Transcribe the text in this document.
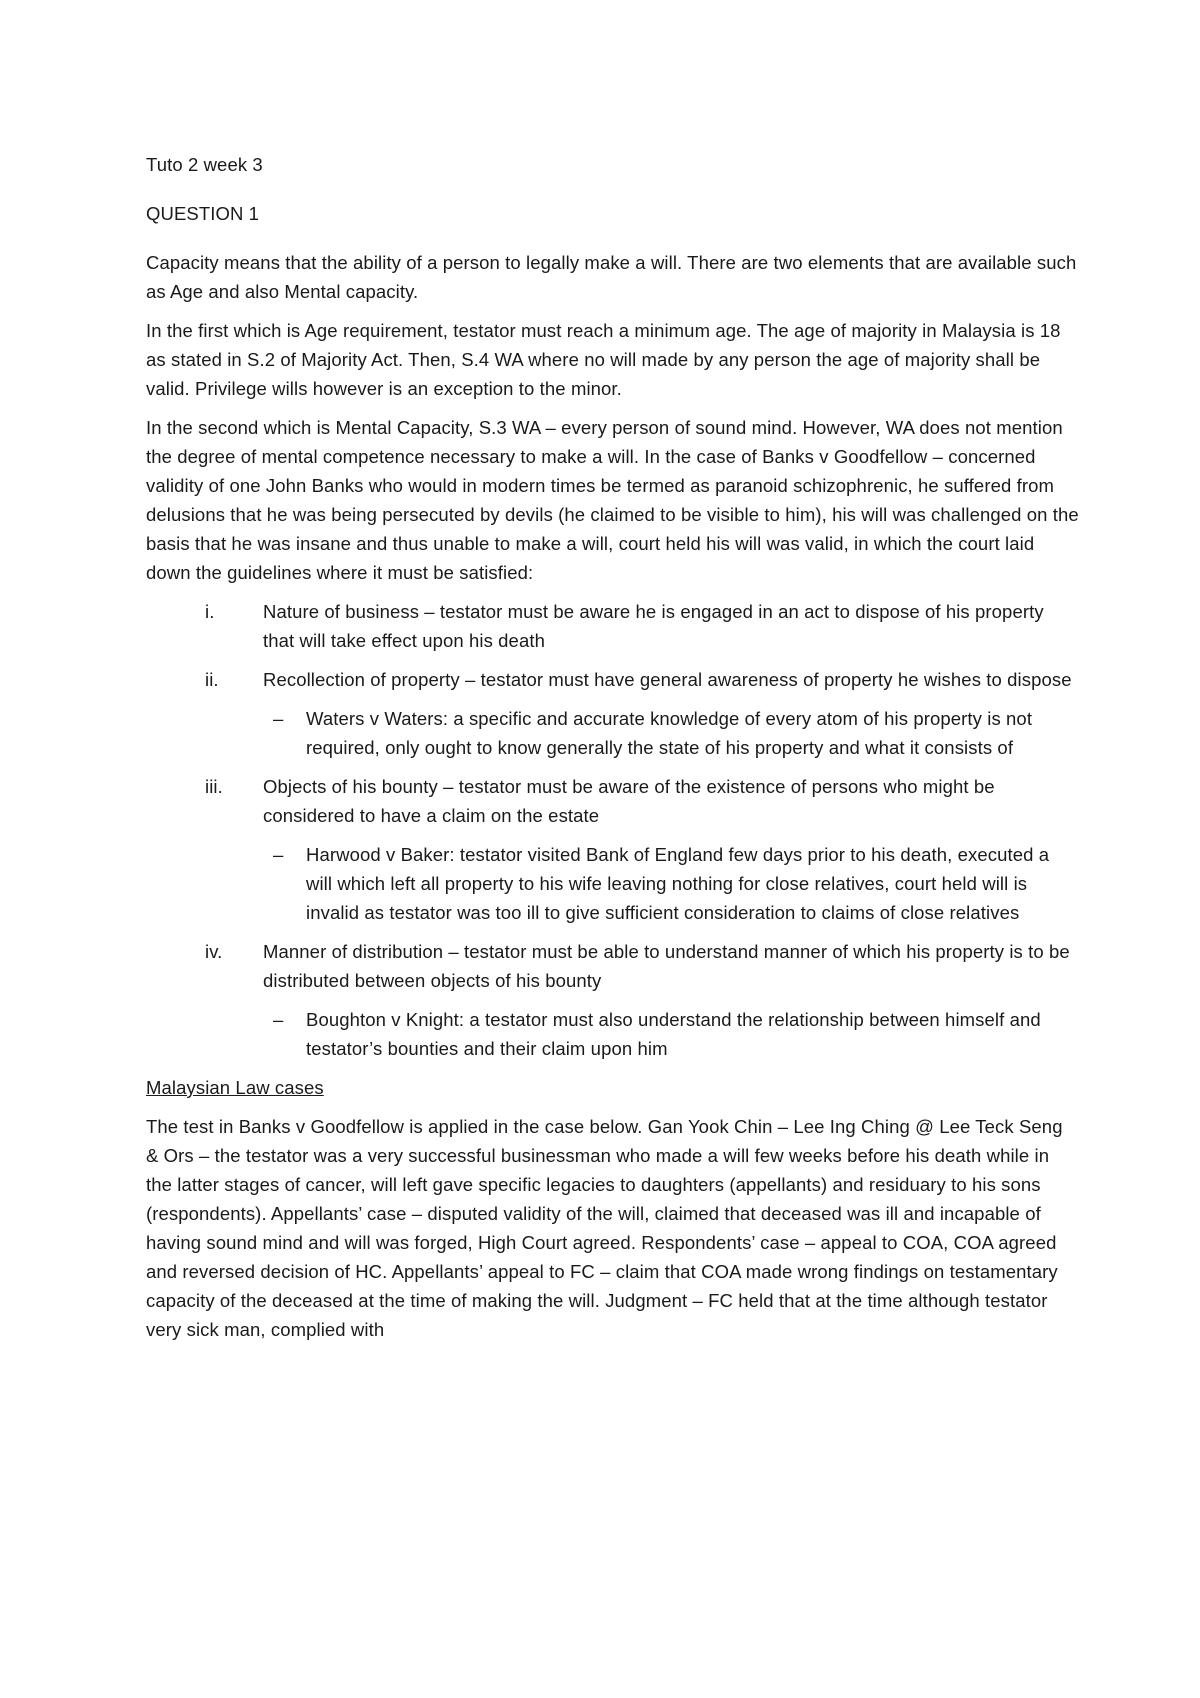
Tuto 2 week 3

QUESTION 1

Capacity means that the ability of a person to legally make a will. There are two elements that are available such as Age and also Mental capacity.

In the first which is Age requirement, testator must reach a minimum age. The age of majority in Malaysia is 18 as stated in S.2 of Majority Act. Then, S.4 WA where no will made by any person the age of majority shall be valid. Privilege wills however is an exception to the minor.

In the second which is Mental Capacity, S.3 WA – every person of sound mind. However, WA does not mention the degree of mental competence necessary to make a will. In the case of Banks v Goodfellow – concerned validity of one John Banks who would in modern times be termed as paranoid schizophrenic, he suffered from delusions that he was being persecuted by devils (he claimed to be visible to him), his will was challenged on the basis that he was insane and thus unable to make a will, court held his will was valid, in which the court laid down the guidelines where it must be satisfied:

i.	Nature of business – testator must be aware he is engaged in an act to dispose of his property that will take effect upon his death
ii.	Recollection of property – testator must have general awareness of property he wishes to dispose
–	Waters v Waters: a specific and accurate knowledge of every atom of his property is not required, only ought to know generally the state of his property and what it consists of
iii.	Objects of his bounty – testator must be aware of the existence of persons who might be considered to have a claim on the estate
–	Harwood v Baker: testator visited Bank of England few days prior to his death, executed a will which left all property to his wife leaving nothing for close relatives, court held will is invalid as testator was too ill to give sufficient consideration to claims of close relatives
iv.	Manner of distribution – testator must be able to understand manner of which his property is to be distributed between objects of his bounty
–	Boughton v Knight: a testator must also understand the relationship between himself and testator’s bounties and their claim upon him

Malaysian Law cases

The test in Banks v Goodfellow is applied in the case below. Gan Yook Chin – Lee Ing Ching @ Lee Teck Seng & Ors – the testator was a very successful businessman who made a will few weeks before his death while in the latter stages of cancer, will left gave specific legacies to daughters (appellants) and residuary to his sons (respondents). Appellants’ case – disputed validity of the will, claimed that deceased was ill and incapable of having sound mind and will was forged, High Court agreed. Respondents’ case – appeal to COA, COA agreed and reversed decision of HC. Appellants’ appeal to FC – claim that COA made wrong findings on testamentary capacity of the deceased at the time of making the will. Judgment – FC held that at the time although testator very sick man, complied with
